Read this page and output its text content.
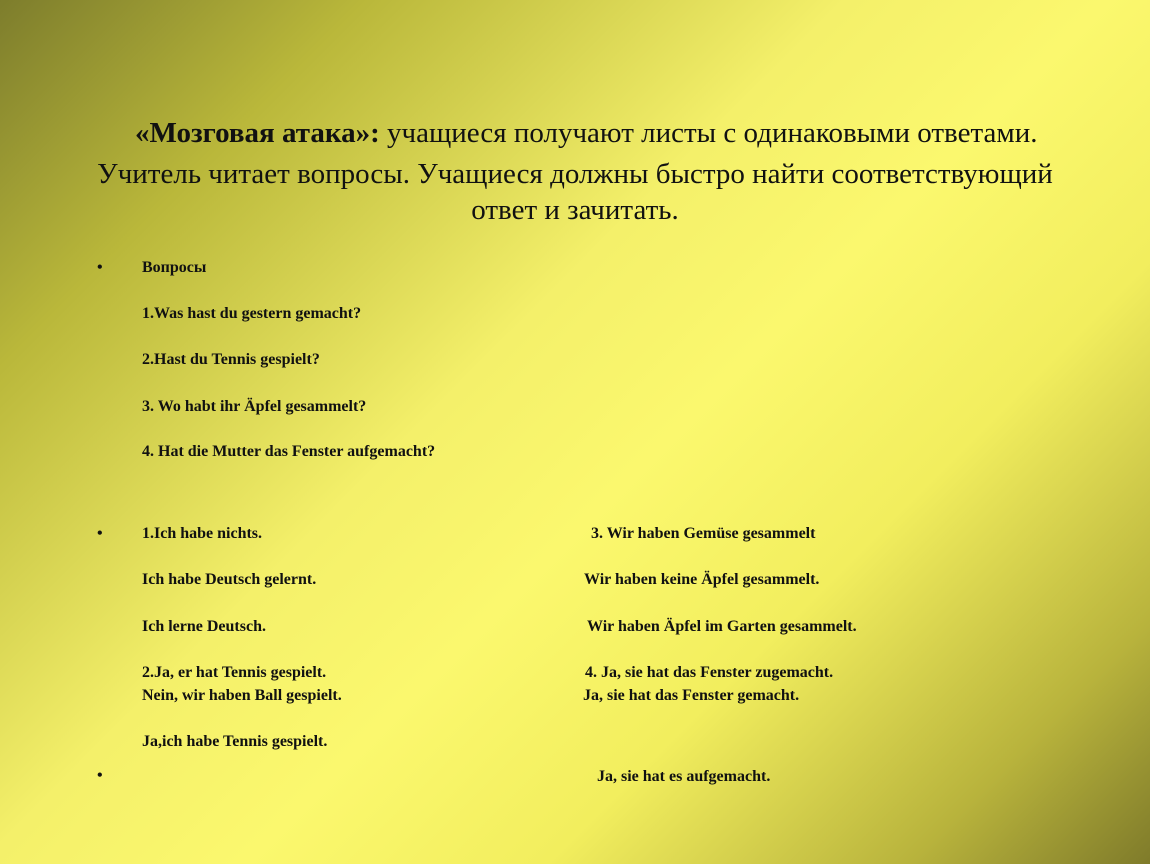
«Мозговая атака»: учащиеся получают листы с одинаковыми ответами.
Учитель читает вопросы. Учащиеся должны быстро найти соответствующий
ответ и зачитать.
•
•
•
Вопросы
1.Was hast du gestern gemacht?
2.Hast du Tennis gespielt?
3. Wo habt ihr Äpfel gesammelt?
4. Hat die Mutter das Fenster aufgemacht?
1.Ich habe nichts.
Ich habe Deutsch gelernt.
Ich lerne Deutsch.
2.Ja, er hat Tennis gespielt.
Nein, wir haben Ball gespielt.
Ja,ich habe Tennis gespielt.
3. Wir haben Gemüse gesammelt
Wir haben keine Äpfel gesammelt.
Wir haben Äpfel im Garten gesammelt.
4. Ja, sie hat das Fenster zugemacht.
Ja, sie hat das Fenster gemacht.
Ja, sie hat es aufgemacht.
